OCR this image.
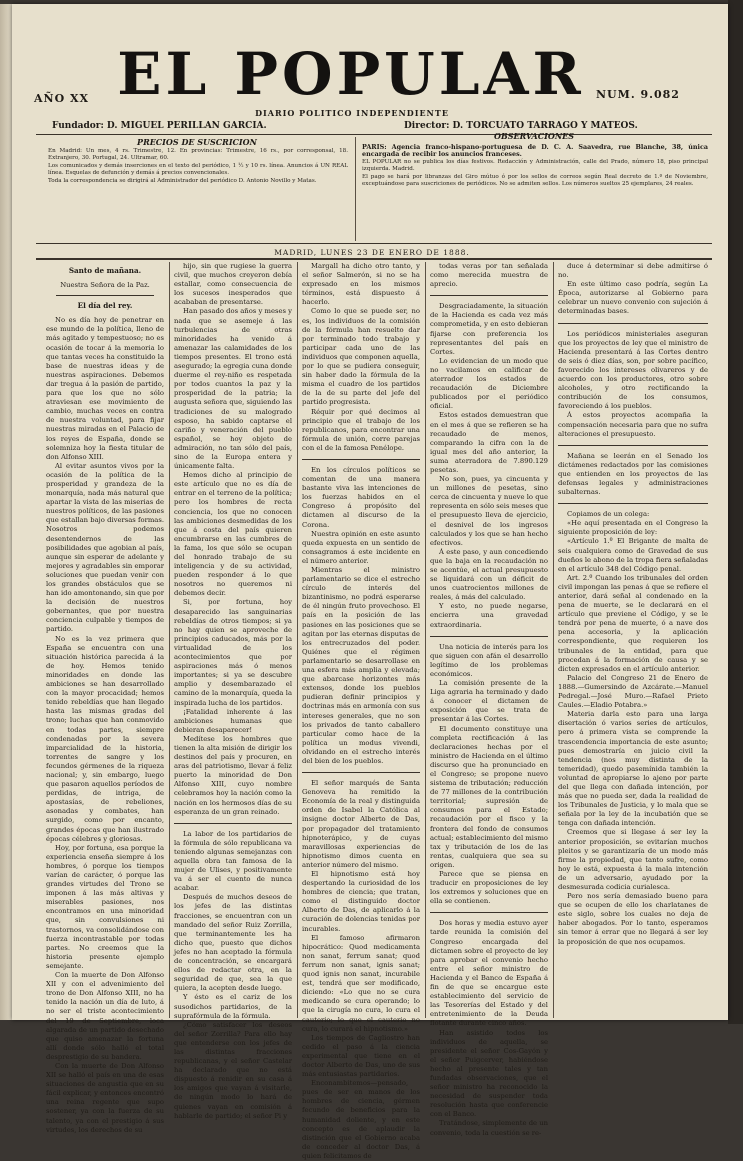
AÑO XX EL POPULAR	NUM. 9.082
DIARIO POLITICO INDEPENDIENTE
Fundador: D. MIGUEL PERILLAN GARCIA.	Director: D. TORCUATO TARRAGO Y MATEOS.
PRECIOS DE SUSCRICION
En Madrid: Un mes, 4 rs. Trimestre, 12. En provincias: Trimestre, 16 rs., por corresponsal, 18. Extranjero, 30. Portugal, 24. Ultramar, 60.
Los comunicados y demás inserciones en el texto del periódico, 1 ½ y 10 rs. línea. Anuncios á UN REAL línea. Esquelas de defunción y demás á precios convencionales.
Toda la correspondencia se dirigirá al Administrador del periódico D. Antonio Novillo y Matas.
OBSERVACIONES
PARIS: Agencia franco-hispano-portuguesa de D. C. A. Saavedra, rue Blanche, 38, única encargada de recibir los anuncios franceses.
EL POPULAR no se publica los días festivos. Redacción y Administración, calle del Prado, número 18, piso principal izquierda. Madrid.
El pago se hará por libranzas del Giro mútuo ó por los sellos de correos según Real decreto de 1.º de Noviembre, exceptuándose para suscriciones de periódicos. No se admiten sellos. Los números sueltos 25 ejemplares, 24 reales.
MADRID, LUNES 23 DE ENERO DE 1888.

Santo de mañana.

Nuestra Señora de la Paz.

El día del rey.

No es día hoy de penetrar en ese mundo de la política, lleno de más agitado y tempestuoso; no es ocasión de tocar á la memoria lo que tantas veces ha constituido la base de nuestras ideas y de nuestras aspiraciones. Debemos dar tregua á la pasión de partido, para que los que no sólo atraviesan ese movimiento de cambio, muchas veces en contra de nuestra voluntad, para fijar nuestras miradas en el Palacio de los reyes de España, donde se solemniza hoy la fiesta titular de don Alfonso XIII.

Al evitar asuntos vivos por la ocasión de la política de la prosperidad y grandeza de la monarquía, nada más natural que apartar la vista de las miserias de nuestros políticos, de las pasiones que estallan bajo diversas formas. Nosotros podemos desentendernos de las posibilidades que agobian al país, aunque sin esperar de adelante y mejores y agradables sin emporar soluciones que puedan venir con los grandes obstáculos que se han ido amontonando, sin que por la decisión de nuestros gobernantes, que por nuestra conciencia culpable y tiempos de partido.

No es la vez primera que España se encuentra con una situación histórica parecida á la de hoy. Hemos tenido minoridades en donde las ambiciones se han desarrollado con la mayor procacidad; hemos tenido rebeldías que han llegado hasta las mismas gradas del trono; luchas que han conmovido en todas partes, siempre condenadas por la severa imparcialidad de la historia, torrentes de sangre y los fecundos gérmenes de la riqueza nacional; y, sin embargo, luego que pasaron aquellos períodos de perdidas, de intriga, de apostasías, de rebeliones, asonadas y combates, han surgido, como por encanto, grandes épocas que han ilustrado épocas célebres y gloriosas.

Hoy, por fortuna, esa porque la experiencia enseña siempre á los hombres, ó porque los tiempos varían de carácter, ó porque las grandes virtudes del Trono se imponen á las más altivas y miserables pasiones, nos encontramos en una minoridad que, sin convulsiones ni trastornos, va consolidándose con fuerza incontrastable por todas partes. No creemos que la historia presente ejemplo semejante.

Con la muerte de Don Alfonso XII y con el advenimiento del trono de Don Alfonso XIII, no ha tenido la nación un día de luto, á no ser el triste acontecimiento del 19 de Septiembre, loca algarada de un partido desechado que quiso amenazar la fortuna allí donde sólo halló el total desprestigio de su bandera.

Con la muerte de Don Alfonso XII se halló el país en una de esas situaciones de angustia que en su fácil explicar, y entonces encontró una reina regente que supo sostener, ya con la fuerza de su talento, ya con el prestigio á sus virtudes, los derechos de su

hijo, sin que rugiese la guerra civil, que muchos creyeron debía estallar, como consecuencia de los sucesos inesperados que acababan de presentarse.

Han pasado dos años y meses y nada que se asemeje á las turbulencias de otras minoridades ha venido á amenazar las calamidades de los tiempos presentes. El trono está asegurado; la egregia cuna donde duerme el rey-niño es respetada por todos cuantos la paz y la prosperidad de la patria; la augusta señora que, siguiendo las tradiciones de su malogrado esposo, ha sabido captarse el cariño y veneración del pueblo español, se hoy objeto de admiración, no tan sólo del país, sino de la Europa entera y únicamente falta.

Hemos dicho al principio de este artículo que no es día de entrar en el terreno de la política; pero los hombres de recta conciencia, los que no conocen las ambiciones desmedidas de los que á costa del país quieren encumbrarse en las cumbres de la fama, los que sólo se ocupan del honrado trabajo de su inteligencia y de su actividad, pueden responder á lo que nosotros no queremos ni debemos decir.

Si, por fortuna, hoy desaparecido las sanguinarias rebeldías de otros tiempos; si ya no hay quien se aproveche de principios caducados, más por la virtualidad de los acontecimientos que por aspiraciones más ó menos importantes; si ya se descubre amplio y desembarazado el camino de la monarquía, queda la inspirada lucha de los partidos.

¡Fatalidad inherente á las ambiciones humanas que debieran desaparecer!

Medítese los hombres que tienen la alta misión de dirigir los destinos del país y procuren, en aras del patriotismo, llevar á feliz puerto la minoridad de Don Alfonso XIII, cuyo nombre celebramos hoy la nación como la nación en los hermosos días de su esperanza de un gran reinado.

La labor de los partidarios de la fórmula de sólo republicana va teniendo algunas semejanzas con aquella obra tan famosa de la mujer de Ulises, y positivamente va á ser el cuento de nunca acabar.

Después de muchos deseos de los jefes de las distintas fracciones, se encuentran con un mandado del señor Ruiz Zorrilla, que terminantemente les ha dicho que, puesto que dichos jefes no han aceptado la fórmula de concentración, se encargará ellos de redactar otra, en la seguridad de que, sea la que quiera, la acepten desde luego.

Y ésto es el cariz de los susodichos partidarios, de la suprafórmula de la fórmula.

¿Cómo satisfacer los deseos del señor Zorrilla? Para ello hay que entenderse con los jefes de las distintas fracciones republicanas, y el señor Castelar ha declarado que no está dispuesto á renidir en su casa á los amigos que vayan á visitarle, de ningún modo lo hará de quienes vayan en comisión á hablarle de partido; el señor Pi y

Margall ha dicho otro tanto, y el señor Salmerón, si no se ha expresado en los mismos términos, está dispuesto á hacerlo.

Como lo que se puede ser, no es, los individuos de la comisión de la fórmula han resuelto dar por terminado todo trabajo y participar cada uno de las individuos que componen aquella, por lo que se pudiera conseguir, sin haber dado la fórmula de la misma el cuadro de los partidos de la de su parte del jefe del partido progresista.

Réquir por qué decimos al principio que el trabajo de los republicanos, para encontrar una fórmula de unión, corre parejas con el de la famosa Penélope.

En los círculos políticos se comentan de una manera bastante viva las intenciones de los fuerzas habidos en el Congreso á propósito del dictamen al discurso de la Corona.

Nuestra opinión en este asunto queda expuesta en un sentido de consagramos á este incidente en el número anterior.

Mientras el ministro parlamentario se dice el estrecho círculo de interés del bizantinismo, no podrá esperarse de él ningún fruto provechoso. El país en la posición de las pasiones en las posiciones que se agitan por las eternas disputas de los entrecruzados del poder. Quiénes que el régimen parlamentario se desarrollase en una esfera más amplia y elevada; que abarcase horizontes más extensos, donde los pueblos pudieran definir principios y doctrinas más en armonía con sus intereses generales, que no son los privados de tanto caballero particular como hace de la política un modus vivendi, olvidando en el estrecho interés del bien de los pueblos.

El señor marqués de Santa Genoveva ha remitido la Economía de la real y distinguida orden de Isabel la Católica al insigne doctor Alberto de Das, por propagador del tratamiento hipnoterápico, y de cuyas maravillosas experiencias de hipnotismo dimos cuenta en anterior número del mismo.

El hipnotismo está hoy despertando la curiosidad de los hombres de ciencia; que tratan, como el distinguido doctor Alberto de Das, de aplicarlo á la curación de dolencias tenidas por incurables.

El famoso afirmaron hipocrático: Quod medicamenta non sanat, ferrum sanat; quod ferrum non sanat, ignis sanat; quod ignis non sanat, incurabile est, tendrá que ser modificado, diciendo: «Lo que no se cura medicando se cura operando; lo que la cirugía no cura, lo cura el cauterio; lo que el cauterio no cura, lo curará el hipnotismo.»

Los tiempos de Cagliostro han cedido el paso á la ciencia experimental que tiene en el doctor Alberto de Das, uno de sus más entusiastas partidarios.

Enconambitemos—pensado, pues de ser en manos de los hombres de ciencia, gérmen fecundo de beneficios para la humanidad doliente, y en este concepto es de aplaudir la distinción que el Gobierno acaba de conceder al doctor Das, á quien felicitamos de

todas veras por tan señalada como merecida muestra de aprecio.

Desgraciadamente, la situación de la Hacienda es cada vez más comprometida, y en esto debieran fijarse con preferencia los representantes del país en Cortes.

Lo evidencian de un modo que no vacilamos en calificar de aterrador los estados de recaudación de Diciembre publicados por el periódico oficial.

Estos estados demuestran que en el mes á que se refieren se ha recaudado de menos, comparando la cifra con la de igual mes del año anterior, la suma aterradora de 7.890.129 pesetas.

No son, pues, ya cincuenta y un millones de pesetas, sino cerca de cincuenta y nueve lo que representa en sólo seis meses que el presupuesto lleva de ejercicio, el desnivel de los ingresos calculados y los que se han hecho efectivos.

Á este paso, y aun concediendo que la baja en la recaudación no se acentúe, el actual presupuesto se liquidará con un déficit de unos cuatrocientos millones de reales, á más del calculado.

Y esto, no puede negarse, encierra una gravedad extraordinaria.

Una noticia de interés para los que siguen con afán el desarrollo legítimo de los problemas económicos.

La comisión presente de la Liga agraria ha terminado y dado á conocer el dictamen de exposición que se trata de presentar á las Cortes.

El documento constituye una completa rectificación á las declaraciones hechas por el ministro de Hacienda en el último discurso que ha pronunciado en el Congreso; se propone nuevo sistema de tributación; reducción de 77 millones de la contribución territorial; supresión de consumos para el Estado; recaudación por el fisco y la frontera del fondo de consumos actual; establecimiento del mismo tax y tributación de los de las rentas, cualquiera que sea su origen.

Parece que se piensa en traducir en proposiciones de ley los extremos y soluciones que en ella se contienen.

Dos horas y media estuvo ayer tarde reunida la comisión del Congreso encargada del dictamen sobre el proyecto de ley para aprobar el convenio hecho entre el señor ministro de Hacienda y el Banco de España á fin de que se encargue este establecimiento del servicio de las Tesorerías del Estado y del entretenimiento de la Deuda flotante durante cinco años.

Han asistido todos los individuos de aquella, se presidente el señor Cos-Gayón y el señor Puigcerver, habiéndose hecho al presente tales y tan fundadas observaciones, que el señor ministro ha reconocido la necesidad de suspender toda resolución hasta que conferencie con el Banco.

Tratándose, simplemente de un convenio, toda la cuestión se re-

duce á determinar si debe admitirse ó no.

En este último caso podría, según La Época, autorizarse al Gobierno para celebrar un nuevo convenio con sujeción á determinadas bases.

Los periódicos ministeriales aseguran que los proyectos de ley que el ministro de Hacienda presentará á las Cortes dentro de seis ó diez días, son, por sobre pacífico, favorecido los intereses olivareros y de acuerdo con los productores, otro sobre alcoholes, y otro rectificando la contribución de los consumos, favoreciendo á los pueblos.

Á estos proyectos acompaña la compensación necesaria para que no sufra alteraciones el presupuesto.

Mañana se leerán en el Senado los dictámenes redactados por las comisiones que entienden en los proyectos de las defensas legales y administraciones subalternas.

Copiamos de un colega:

«He aquí presentada en el Congreso la siguiente proposición de ley:

«Artículo 1.º El Brigante de malta de seis cualquiera como de Gravedad de sus dueños le abono de la tropa fiera señaladas en el artículo 348 del Código penal.

Art. 2.º Cuando los tribunales del orden civil impongan las penas á que se refiere el anterior, dará señal al condenado en la pena de muerte, se le declarará en el artículo que previene el Código, y se le tendrá por pena de muerte, ó a nave dos pena accesoria, y la aplicación correspondiente, que requieren los tribunales de la entidad, para que procedan á la formación de causa y se dicten expresados en el artículo anterior.

Palacio del Congreso 21 de Enero de 1888.—Gumersindo de Azcárate.—Manuel Pedregal.—José Muro.—Rafael Prieto Caules.—Eladio Potabra.»

Materia darla esto para una larga disertación ó varios series de artículos, pero á primera vista se comprende la trascendencia importancia de este asunto; pues demostraría en juicio civil la tendencia (nos muy distinta de la temeridad), quedo pasemínida también la voluntad de apropiarse lo ajeno por parte del que llega con dañada intención, por más que no pueda ser, dada la realidad de los Tribunales de Justicia, y lo mala que se señala por la ley de la incubatión que se tenga con dañada intención.

Creemos que si llegase á ser ley la anterior proposición, se evitarían muchos pleitos y se garantizaría de un modo más firme la propiedad, que tanto sufre, como hoy le está, expuesta á la mala intención de un adversario, ayudado por la desmesurada codicia curialesca.

Pero nos sería demasiado bueno para que se ocupen de ello los charlatanes de este siglo, sobre los cuales no deja de haber abogados. Por lo tanto, esperamos sin temor á errar que no llegará á ser ley la proposición de que nos ocupamos.
